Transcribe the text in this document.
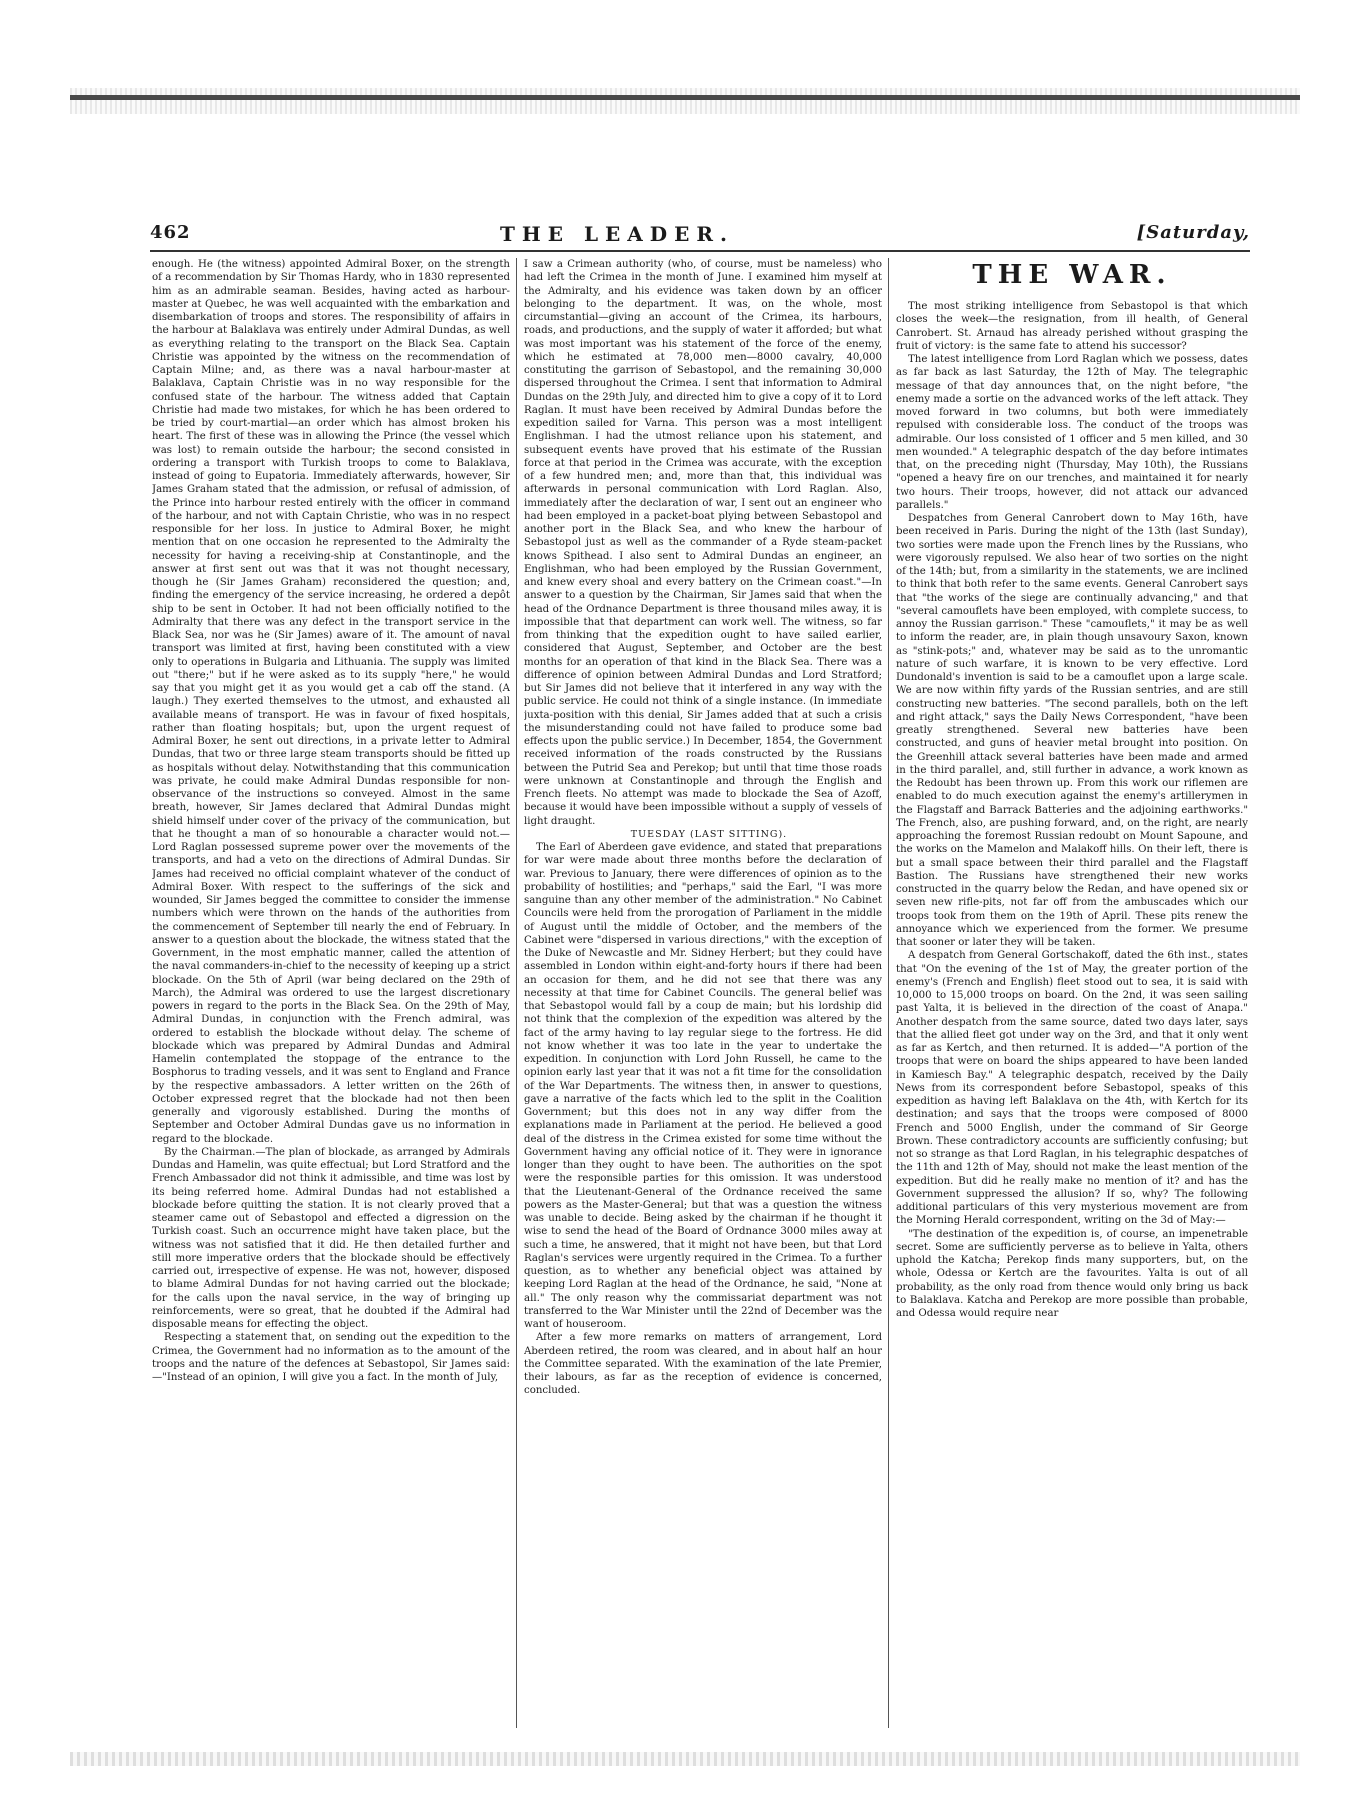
462	THE LEADER.	[Saturday,

enough. He (the witness) appointed Admiral Boxer, on the strength of a recommendation by Sir Thomas Hardy, who in 1830 represented him as an admirable seaman. Besides, having acted as harbour-master at Quebec, he was well acquainted with the embarkation and disembarkation of troops and stores. The responsibility of affairs in the harbour at Balaklava was entirely under Admiral Dundas, as well as everything relating to the transport on the Black Sea. Captain Christie was appointed by the witness on the recommendation of Captain Milne; and, as there was a naval harbour-master at Balaklava, Captain Christie was in no way responsible for the confused state of the harbour. The witness added that Captain Christie had made two mistakes, for which he has been ordered to be tried by court-martial—an order which has almost broken his heart. The first of these was in allowing the Prince (the vessel which was lost) to remain outside the harbour; the second consisted in ordering a transport with Turkish troops to come to Balaklava, instead of going to Eupatoria. Immediately afterwards, however, Sir James Graham stated that the admission, or refusal of admission, of the Prince into harbour rested entirely with the officer in command of the harbour, and not with Captain Christie, who was in no respect responsible for her loss. In justice to Admiral Boxer, he might mention that on one occasion he represented to the Admiralty the necessity for having a receiving-ship at Constantinople, and the answer at first sent out was that it was not thought necessary, though he (Sir James Graham) reconsidered the question; and, finding the emergency of the service increasing, he ordered a depôt ship to be sent in October. It had not been officially notified to the Admiralty that there was any defect in the transport service in the Black Sea, nor was he (Sir James) aware of it. The amount of naval transport was limited at first, having been constituted with a view only to operations in Bulgaria and Lithuania. The supply was limited out "there;" but if he were asked as to its supply "here," he would say that you might get it as you would get a cab off the stand. (A laugh.) They exerted themselves to the utmost, and exhausted all available means of transport. He was in favour of fixed hospitals, rather than floating hospitals; but, upon the urgent request of Admiral Boxer, he sent out directions, in a private letter to Admiral Dundas, that two or three large steam transports should be fitted up as hospitals without delay. Notwithstanding that this communication was private, he could make Admiral Dundas responsible for non-observance of the instructions so conveyed. Almost in the same breath, however, Sir James declared that Admiral Dundas might shield himself under cover of the privacy of the communication, but that he thought a man of so honourable a character would not.—Lord Raglan possessed supreme power over the movements of the transports, and had a veto on the directions of Admiral Dundas. Sir James had received no official complaint whatever of the conduct of Admiral Boxer. With respect to the sufferings of the sick and wounded, Sir James begged the committee to consider the immense numbers which were thrown on the hands of the authorities from the commencement of September till nearly the end of February. In answer to a question about the blockade, the witness stated that the Government, in the most emphatic manner, called the attention of the naval commanders-in-chief to the necessity of keeping up a strict blockade. On the 5th of April (war being declared on the 29th of March), the Admiral was ordered to use the largest discretionary powers in regard to the ports in the Black Sea. On the 29th of May, Admiral Dundas, in conjunction with the French admiral, was ordered to establish the blockade without delay. The scheme of blockade which was prepared by Admiral Dundas and Admiral Hamelin contemplated the stoppage of the entrance to the Bosphorus to trading vessels, and it was sent to England and France by the respective ambassadors. A letter written on the 26th of October expressed regret that the blockade had not then been generally and vigorously established. During the months of September and October Admiral Dundas gave us no information in regard to the blockade.

By the Chairman.—The plan of blockade, as arranged by Admirals Dundas and Hamelin, was quite effectual; but Lord Stratford and the French Ambassador did not think it admissible, and time was lost by its being referred home. Admiral Dundas had not established a blockade before quitting the station. It is not clearly proved that a steamer came out of Sebastopol and effected a digression on the Turkish coast. Such an occurrence might have taken place, but the witness was not satisfied that it did. He then detailed further and still more imperative orders that the blockade should be effectively carried out, irrespective of expense. He was not, however, disposed to blame Admiral Dundas for not having carried out the blockade; for the calls upon the naval service, in the way of bringing up reinforcements, were so great, that he doubted if the Admiral had disposable means for effecting the object.

Respecting a statement that, on sending out the expedition to the Crimea, the Government had no information as to the amount of the troops and the nature of the defences at Sebastopol, Sir James said:—"Instead of an opinion, I will give you a fact. In the month of July,

I saw a Crimean authority (who, of course, must be nameless) who had left the Crimea in the month of June. I examined him myself at the Admiralty, and his evidence was taken down by an officer belonging to the department. It was, on the whole, most circumstantial—giving an account of the Crimea, its harbours, roads, and productions, and the supply of water it afforded; but what was most important was his statement of the force of the enemy, which he estimated at 78,000 men—8000 cavalry, 40,000 constituting the garrison of Sebastopol, and the remaining 30,000 dispersed throughout the Crimea. I sent that information to Admiral Dundas on the 29th July, and directed him to give a copy of it to Lord Raglan. It must have been received by Admiral Dundas before the expedition sailed for Varna. This person was a most intelligent Englishman. I had the utmost reliance upon his statement, and subsequent events have proved that his estimate of the Russian force at that period in the Crimea was accurate, with the exception of a few hundred men; and, more than that, this individual was afterwards in personal communication with Lord Raglan. Also, immediately after the declaration of war, I sent out an engineer who had been employed in a packet-boat plying between Sebastopol and another port in the Black Sea, and who knew the harbour of Sebastopol just as well as the commander of a Ryde steam-packet knows Spithead. I also sent to Admiral Dundas an engineer, an Englishman, who had been employed by the Russian Government, and knew every shoal and every battery on the Crimean coast."—In answer to a question by the Chairman, Sir James said that when the head of the Ordnance Department is three thousand miles away, it is impossible that that department can work well. The witness, so far from thinking that the expedition ought to have sailed earlier, considered that August, September, and October are the best months for an operation of that kind in the Black Sea. There was a difference of opinion between Admiral Dundas and Lord Stratford; but Sir James did not believe that it interfered in any way with the public service. He could not think of a single instance. (In immediate juxta-position with this denial, Sir James added that at such a crisis the misunderstanding could not have failed to produce some bad effects upon the public service.) In December, 1854, the Government received information of the roads constructed by the Russians between the Putrid Sea and Perekop; but until that time those roads were unknown at Constantinople and through the English and French fleets. No attempt was made to blockade the Sea of Azoff, because it would have been impossible without a supply of vessels of light draught.

TUESDAY (LAST SITTING).

The Earl of Aberdeen gave evidence, and stated that preparations for war were made about three months before the declaration of war. Previous to January, there were differences of opinion as to the probability of hostilities; and "perhaps," said the Earl, "I was more sanguine than any other member of the administration." No Cabinet Councils were held from the prorogation of Parliament in the middle of August until the middle of October, and the members of the Cabinet were "dispersed in various directions," with the exception of the Duke of Newcastle and Mr. Sidney Herbert; but they could have assembled in London within eight-and-forty hours if there had been an occasion for them, and he did not see that there was any necessity at that time for Cabinet Councils. The general belief was that Sebastopol would fall by a coup de main; but his lordship did not think that the complexion of the expedition was altered by the fact of the army having to lay regular siege to the fortress. He did not know whether it was too late in the year to undertake the expedition. In conjunction with Lord John Russell, he came to the opinion early last year that it was not a fit time for the consolidation of the War Departments. The witness then, in answer to questions, gave a narrative of the facts which led to the split in the Coalition Government; but this does not in any way differ from the explanations made in Parliament at the period. He believed a good deal of the distress in the Crimea existed for some time without the Government having any official notice of it. They were in ignorance longer than they ought to have been. The authorities on the spot were the responsible parties for this omission. It was understood that the Lieutenant-General of the Ordnance received the same powers as the Master-General; but that was a question the witness was unable to decide. Being asked by the chairman if he thought it wise to send the head of the Board of Ordnance 3000 miles away at such a time, he answered, that it might not have been, but that Lord Raglan's services were urgently required in the Crimea. To a further question, as to whether any beneficial object was attained by keeping Lord Raglan at the head of the Ordnance, he said, "None at all." The only reason why the commissariat department was not transferred to the War Minister until the 22nd of December was the want of houseroom.

After a few more remarks on matters of arrangement, Lord Aberdeen retired, the room was cleared, and in about half an hour the Committee separated. With the examination of the late Premier, their labours, as far as the reception of evidence is concerned, concluded.

THE WAR.

The most striking intelligence from Sebastopol is that which closes the week—the resignation, from ill health, of General Canrobert. St. Arnaud has already perished without grasping the fruit of victory: is the same fate to attend his successor?

The latest intelligence from Lord Raglan which we possess, dates as far back as last Saturday, the 12th of May. The telegraphic message of that day announces that, on the night before, "the enemy made a sortie on the advanced works of the left attack. They moved forward in two columns, but both were immediately repulsed with considerable loss. The conduct of the troops was admirable. Our loss consisted of 1 officer and 5 men killed, and 30 men wounded." A telegraphic despatch of the day before intimates that, on the preceding night (Thursday, May 10th), the Russians "opened a heavy fire on our trenches, and maintained it for nearly two hours. Their troops, however, did not attack our advanced parallels."

Despatches from General Canrobert down to May 16th, have been received in Paris. During the night of the 13th (last Sunday), two sorties were made upon the French lines by the Russians, who were vigorously repulsed. We also hear of two sorties on the night of the 14th; but, from a similarity in the statements, we are inclined to think that both refer to the same events. General Canrobert says that "the works of the siege are continually advancing," and that "several camouflets have been employed, with complete success, to annoy the Russian garrison." These "camouflets," it may be as well to inform the reader, are, in plain though unsavoury Saxon, known as "stink-pots;" and, whatever may be said as to the unromantic nature of such warfare, it is known to be very effective. Lord Dundonald's invention is said to be a camouflet upon a large scale. We are now within fifty yards of the Russian sentries, and are still constructing new batteries. "The second parallels, both on the left and right attack," says the Daily News Correspondent, "have been greatly strengthened. Several new batteries have been constructed, and guns of heavier metal brought into position. On the Greenhill attack several batteries have been made and armed in the third parallel, and, still further in advance, a work known as the Redoubt has been thrown up. From this work our riflemen are enabled to do much execution against the enemy's artillerymen in the Flagstaff and Barrack Batteries and the adjoining earthworks." The French, also, are pushing forward, and, on the right, are nearly approaching the foremost Russian redoubt on Mount Sapoune, and the works on the Mamelon and Malakoff hills. On their left, there is but a small space between their third parallel and the Flagstaff Bastion. The Russians have strengthened their new works constructed in the quarry below the Redan, and have opened six or seven new rifle-pits, not far off from the ambuscades which our troops took from them on the 19th of April. These pits renew the annoyance which we experienced from the former. We presume that sooner or later they will be taken.

A despatch from General Gortschakoff, dated the 6th inst., states that "On the evening of the 1st of May, the greater portion of the enemy's (French and English) fleet stood out to sea, it is said with 10,000 to 15,000 troops on board. On the 2nd, it was seen sailing past Yalta, it is believed in the direction of the coast of Anapa." Another despatch from the same source, dated two days later, says that the allied fleet got under way on the 3rd, and that it only went as far as Kertch, and then returned. It is added—"A portion of the troops that were on board the ships appeared to have been landed in Kamiesch Bay." A telegraphic despatch, received by the Daily News from its correspondent before Sebastopol, speaks of this expedition as having left Balaklava on the 4th, with Kertch for its destination; and says that the troops were composed of 8000 French and 5000 English, under the command of Sir George Brown. These contradictory accounts are sufficiently confusing; but not so strange as that Lord Raglan, in his telegraphic despatches of the 11th and 12th of May, should not make the least mention of the expedition. But did he really make no mention of it? and has the Government suppressed the allusion? If so, why? The following additional particulars of this very mysterious movement are from the Morning Herald correspondent, writing on the 3d of May:—

"The destination of the expedition is, of course, an impenetrable secret. Some are sufficiently perverse as to believe in Yalta, others uphold the Katcha; Perekop finds many supporters, but, on the whole, Odessa or Kertch are the favourites. Yalta is out of all probability, as the only road from thence would only bring us back to Balaklava. Katcha and Perekop are more possible than probable, and Odessa would require near
